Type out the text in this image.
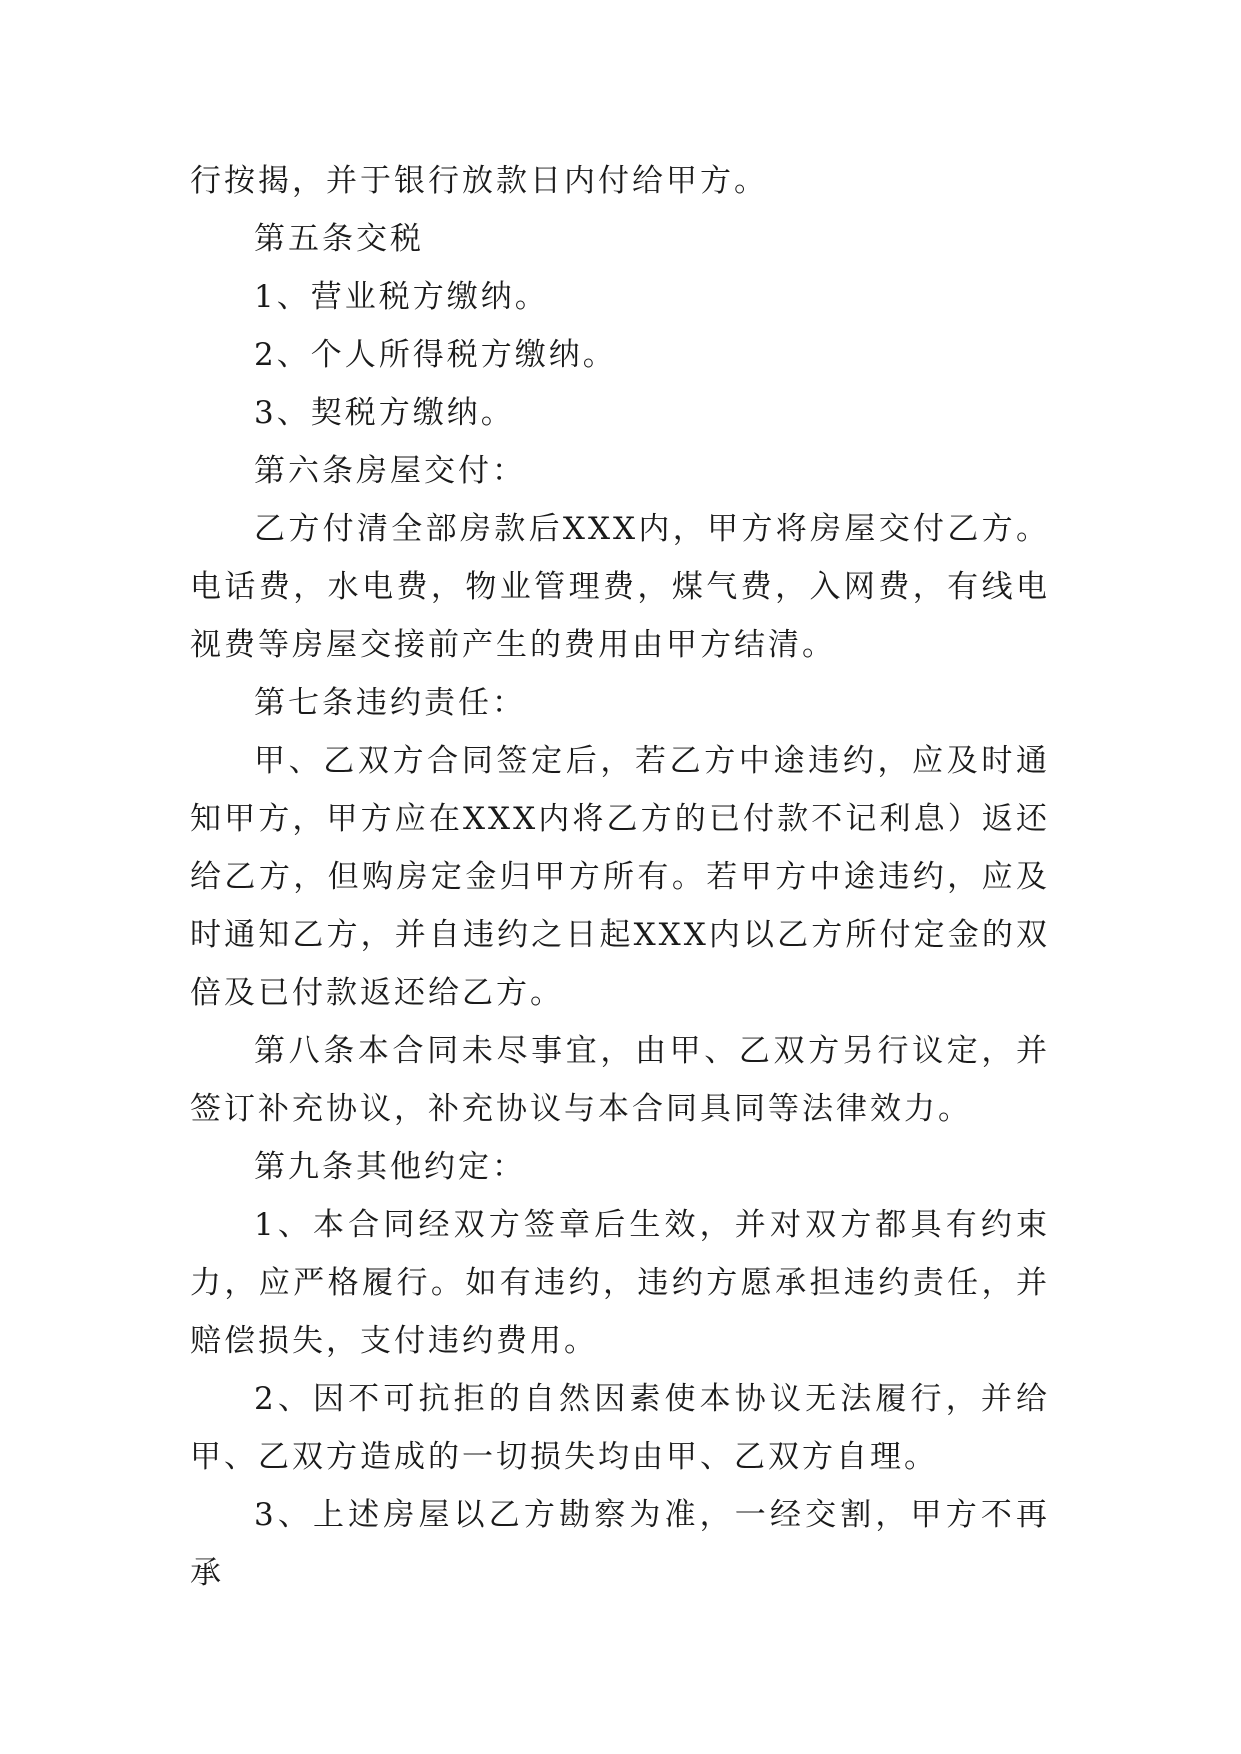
行按揭，并于银行放款日内付给甲方。

第五条交税

1、营业税方缴纳。

2、个人所得税方缴纳。

3、契税方缴纳。

第六条房屋交付：

乙方付清全部房款后XXX内，甲方将房屋交付乙方。电话费，水电费，物业管理费，煤气费，入网费，有线电视费等房屋交接前产生的费用由甲方结清。

第七条违约责任：

甲、乙双方合同签定后，若乙方中途违约，应及时通知甲方，甲方应在XXX内将乙方的已付款不记利息）返还给乙方，但购房定金归甲方所有。若甲方中途违约，应及时通知乙方，并自违约之日起XXX内以乙方所付定金的双倍及已付款返还给乙方。

第八条本合同未尽事宜，由甲、乙双方另行议定，并签订补充协议，补充协议与本合同具同等法律效力。

第九条其他约定：

1、本合同经双方签章后生效，并对双方都具有约束力，应严格履行。如有违约，违约方愿承担违约责任，并赔偿损失，支付违约费用。

2、因不可抗拒的自然因素使本协议无法履行，并给甲、乙双方造成的一切损失均由甲、乙双方自理。

3、上述房屋以乙方勘察为准，一经交割，甲方不再承
